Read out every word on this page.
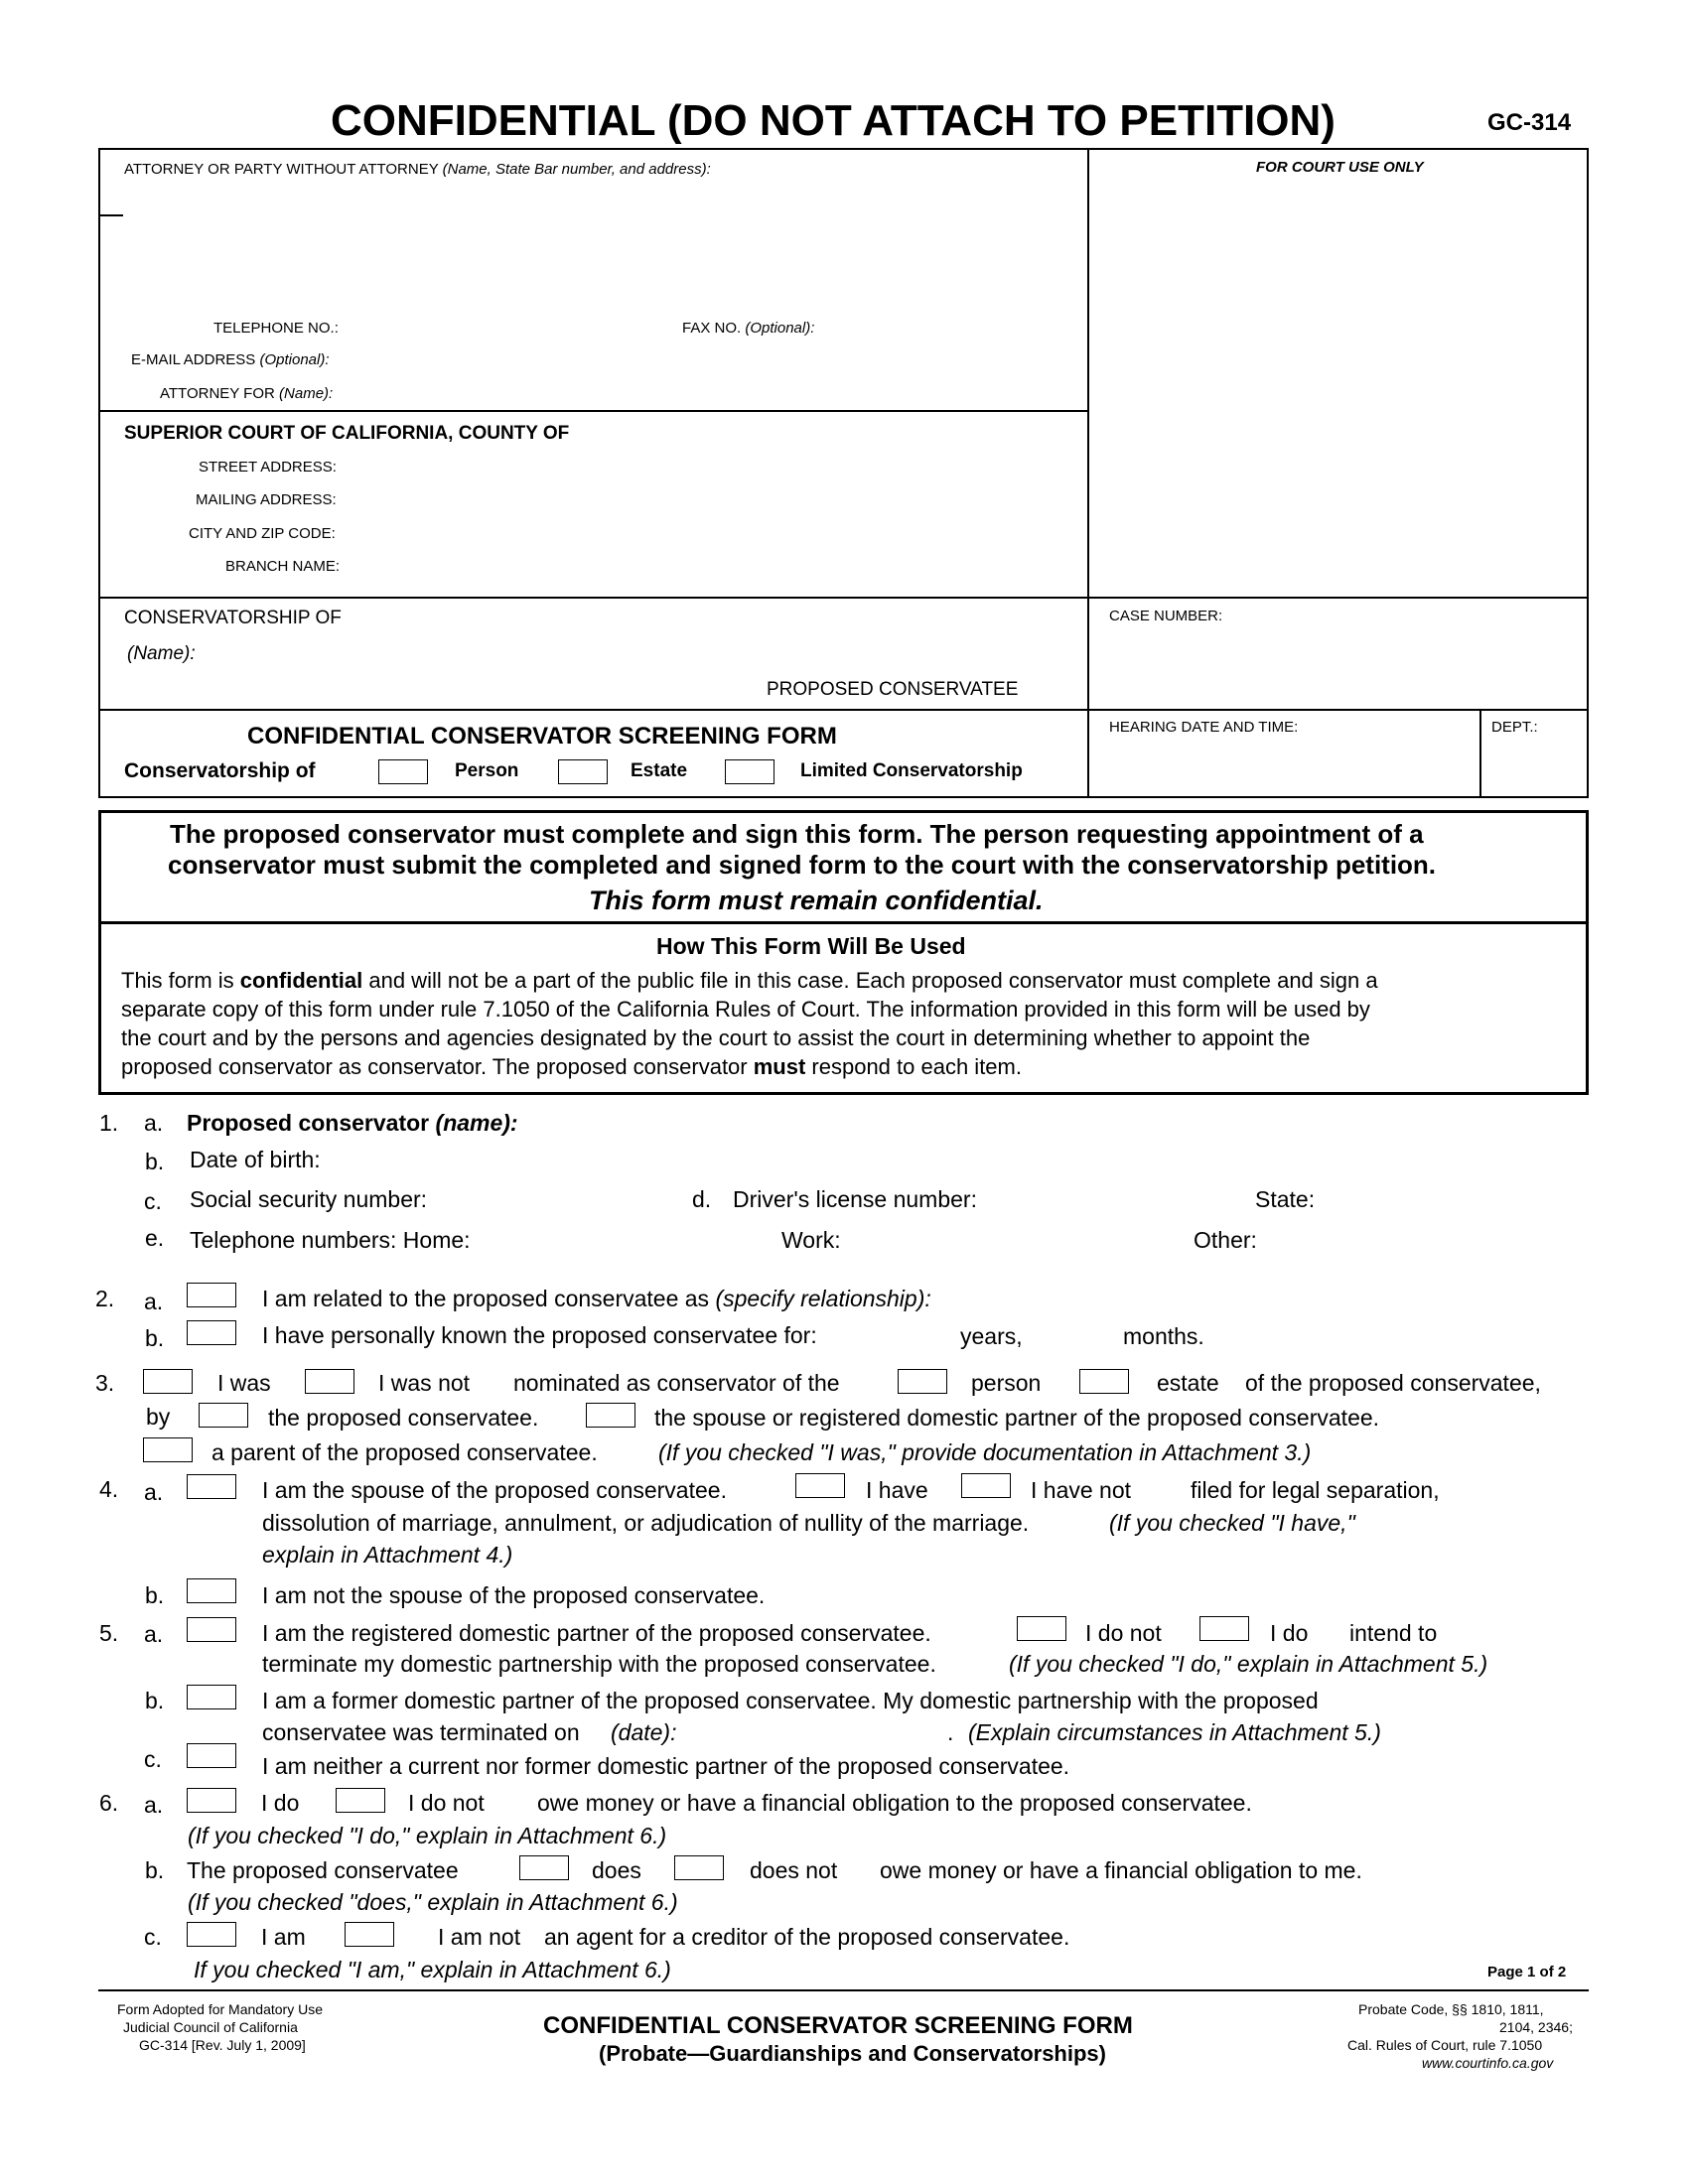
CONFIDENTIAL (DO NOT ATTACH TO PETITION)	GC-314
ATTORNEY OR PARTY WITHOUT ATTORNEY (Name, State Bar number, and address):	FOR COURT USE ONLY
TELEPHONE NO.:	FAX NO. (Optional):
E-MAIL ADDRESS (Optional):
ATTORNEY FOR (Name):
SUPERIOR COURT OF CALIFORNIA, COUNTY OF
STREET ADDRESS:
MAILING ADDRESS:
CITY AND ZIP CODE:
BRANCH NAME:
CONSERVATORSHIP OF
(Name):
PROPOSED CONSERVATEE
CASE NUMBER:
CONFIDENTIAL CONSERVATOR SCREENING FORM
Conservatorship of	Person	Estate	Limited Conservatorship
HEARING DATE AND TIME:	DEPT.:
The proposed conservator must complete and sign this form. The person requesting appointment of a
conservator must submit the completed and signed form to the court with the conservatorship petition.
This form must remain confidential.
How This Form Will Be Used
This form is confidential and will not be a part of the public file in this case. Each proposed conservator must complete and sign a
separate copy of this form under rule 7.1050 of the California Rules of Court. The information provided in this form will be used by
the court and by the persons and agencies designated by the court to assist the court in determining whether to appoint the
proposed conservator as conservator. The proposed conservator must respond to each item.
1. a. Proposed conservator (name):
b. Date of birth:
c. Social security number:	d. Driver's license number:	State:
e. Telephone numbers: Home:	Work:	Other:
2. a.	I am related to the proposed conservatee as (specify relationship):
b.	I have personally known the proposed conservatee for:	years,	months.
3.	I was	I was not nominated as conservator of the	person	estate of the proposed conservatee,
by	the proposed conservatee.	the spouse or registered domestic partner of the proposed conservatee.
a parent of the proposed conservatee.	(If you checked "I was," provide documentation in Attachment 3.)
4. a.	I am the spouse of the proposed conservatee.	I have	I have not	filed for legal separation,
dissolution of marriage, annulment, or adjudication of nullity of the marriage.	(If you checked "I have,"
explain in Attachment 4.)
b.	I am not the spouse of the proposed conservatee.
5. a.	I am the registered domestic partner of the proposed conservatee.	I do not	I do intend to
terminate my domestic partnership with the proposed conservatee.	(If you checked "I do," explain in Attachment 5.)
b.	I am a former domestic partner of the proposed conservatee. My domestic partnership with the proposed
conservatee was terminated on (date):	. (Explain circumstances in Attachment 5.)
c.	I am neither a current nor former domestic partner of the proposed conservatee.
6. a.	I do	I do not owe money or have a financial obligation to the proposed conservatee.
(If you checked "I do," explain in Attachment 6.)
b. The proposed conservatee	does	does not owe money or have a financial obligation to me.
(If you checked "does," explain in Attachment 6.)
c.	I am	I am not an agent for a creditor of the proposed conservatee.
If you checked "I am," explain in Attachment 6.)	Page 1 of 2
Form Adopted for Mandatory Use
Judicial Council of California
GC-314 [Rev. July 1, 2009]
CONFIDENTIAL CONSERVATOR SCREENING FORM
(Probate—Guardianships and Conservatorships)
Probate Code, §§ 1810, 1811,
2104, 2346;
Cal. Rules of Court, rule 7.1050
www.courtinfo.ca.gov
